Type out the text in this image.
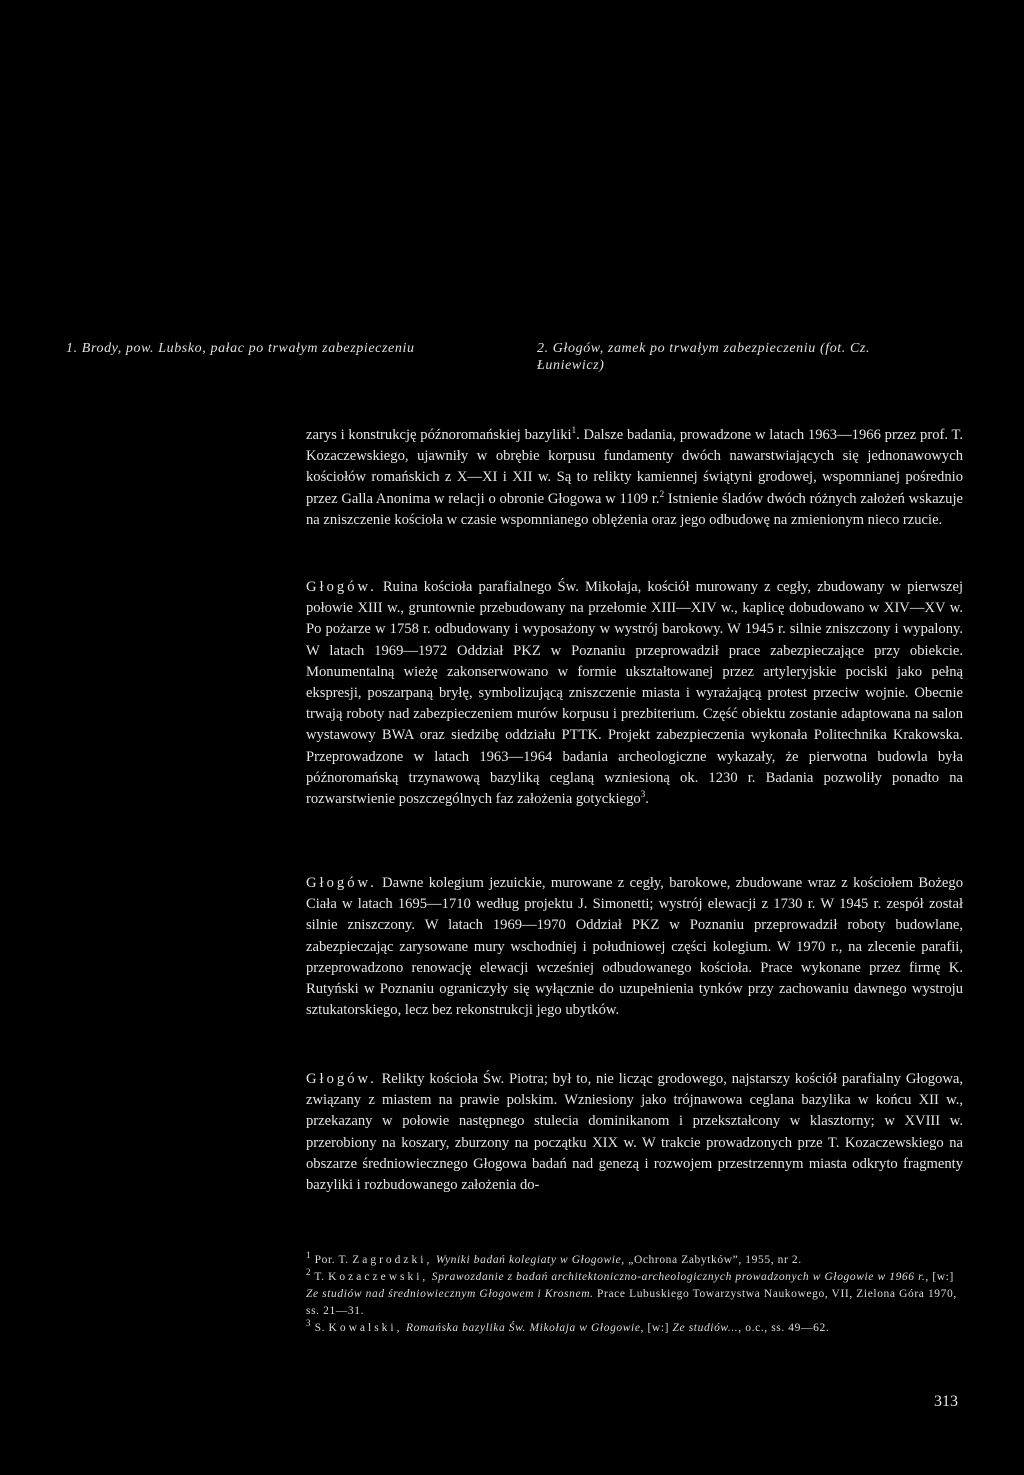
1. Brody, pow. Lubsko, pałac po trwałym zabezpieczeniu	2. Głogów, zamek po trwałym zabezpieczeniu (fot. Cz. Łuniewicz)

zarys i konstrukcję późnoromańskiej bazyliki$^1$. Dalsze badania, prowadzone w latach 1963—1966 przez prof. T. Kozaczewskiego, ujawniły w obrębie korpusu fundamenty dwóch nawarstwiających się jednonawowych kościołów romańskich z X—XI i XII w. Są to relikty kamiennej świątyni grodowej, wspomnianej pośrednio przez Galla Anonima w relacji o obronie Głogowa w 1109 r.$^2$ Istnienie śladów dwóch różnych założeń wskazuje na zniszczenie kościoła w czasie wspomnianego oblężenia oraz jego odbudowę na zmienionym nieco rzucie.

Głogów. Ruina kościoła parafialnego Św. Mikołaja, kościół murowany z cegły, zbudowany w pierwszej połowie XIII w., gruntownie przebudowany na przełomie XIII—XIV w., kaplicę dobudowano w XIV—XV w. Po pożarze w 1758 r. odbudowany i wyposażony w wystrój barokowy. W 1945 r. silnie zniszczony i wypalony. W latach 1969—1972 Oddział PKZ w Poznaniu przeprowadził prace zabezpieczające przy obiekcie. Monumentalną wieżę zakonserwowano w formie ukształtowanej przez artyleryjskie pociski jako pełną ekspresji, poszarpaną bryłę, symbolizującą zniszczenie miasta i wyrażającą protest przeciw wojnie. Obecnie trwają roboty nad zabezpieczeniem murów korpusu i prezbiterium. Część obiektu zostanie adaptowana na salon wystawowy BWA oraz siedzibę oddziału PTTK. Projekt zabezpieczenia wykonała Politechnika Krakowska. Przeprowadzone w latach 1963—1964 badania archeologiczne wykazały, że pierwotna budowla była późnoromańską trzynawową bazyliką ceglaną wzniesioną ok. 1230 r. Badania pozwoliły ponadto na rozwarstwienie poszczególnych faz założenia gotyckiego$^3$.

Głogów. Dawne kolegium jezuickie, murowane z cegły, barokowe, zbudowane wraz z kościołem Bożego Ciała w latach 1695—1710 według projektu J. Simonetti; wystrój elewacji z 1730 r. W 1945 r. zespół został silnie zniszczony. W latach 1969—1970 Oddział PKZ w Poznaniu przeprowadził roboty budowlane, zabezpieczając zarysowane mury wschodniej i południowej części kolegium. W 1970 r., na zlecenie parafii, przeprowadzono renowację elewacji wcześniej odbudowanego kościoła. Prace wykonane przez firmę K. Rutyński w Poznaniu ograniczyły się wyłącznie do uzupełnienia tynków przy zachowaniu dawnego wystroju sztukatorskiego, lecz bez rekonstrukcji jego ubytków.

Głogów. Relikty kościoła Św. Piotra; był to, nie licząc grodowego, najstarszy kościół parafialny Głogowa, związany z miastem na prawie polskim. Wzniesiony jako trójnawowa ceglana bazylika w końcu XII w., przekazany w połowie następnego stulecia dominikanom i przekształcony w klasztorny; w XVIII w. przerobiony na koszary, zburzony na początku XIX w. W trakcie prowadzonych prze T. Kozaczewskiego na obszarze średniowiecznego Głogowa badań nad genezą i rozwojem przestrzennym miasta odkryto fragmenty bazyliki i rozbudowanego założenia do-

$^1$ Por. T. Zagrodzki, Wyniki badań kolegiaty w Głogowie, „Ochrona Zabytków”, 1955, nr 2.

$^2$ T. Kozaczewski, Sprawozdanie z badań architektoniczno-archeologicznych prowadzonych w Głogowie w 1966 r., [w:] Ze studiów nad średniowiecznym Głogowem i Krosnem. Prace Lubuskiego Towarzystwa Naukowego, VII, Zielona Góra 1970, ss. 21—31.

$^3$ S. Kowalski, Romańska bazylika Św. Mikołaja w Głogowie, [w:] Ze studiów..., o.c., ss. 49—62.

313
